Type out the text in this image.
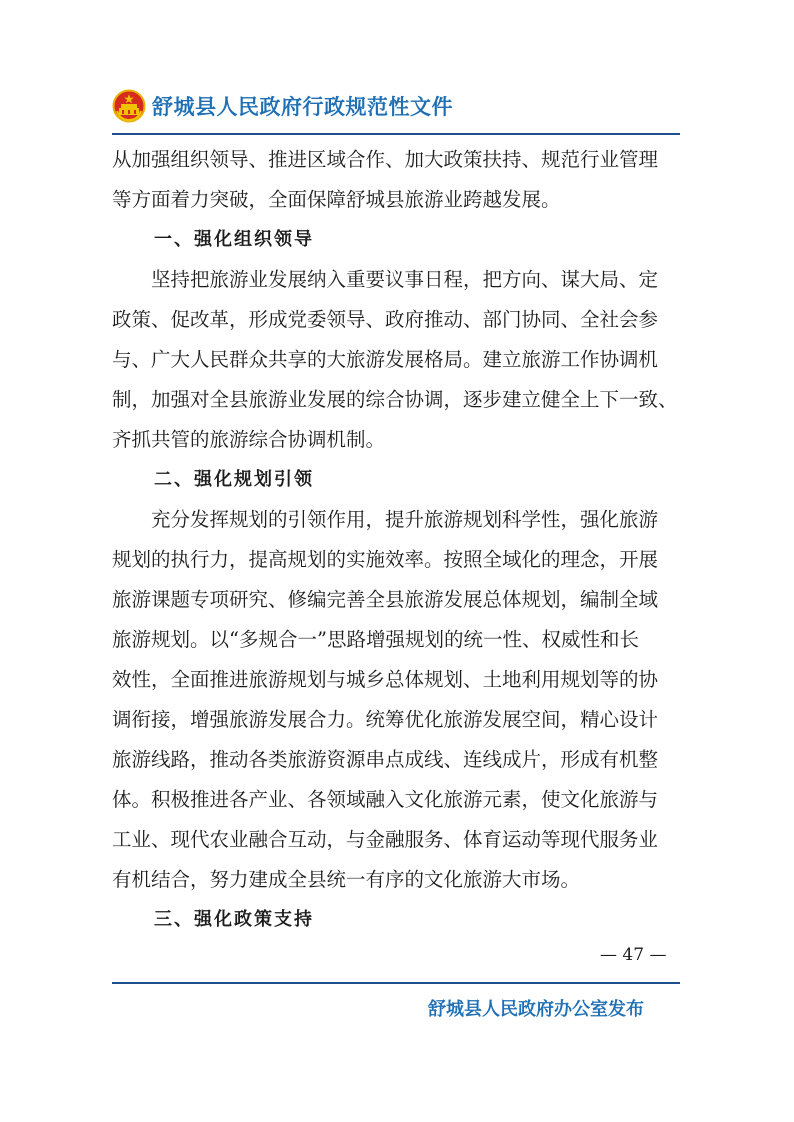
舒城县人民政府行政规范性文件
从加强组织领导、推进区域合作、加大政策扶持、规范行业管理
等方面着力突破，全面保障舒城县旅游业跨越发展。
一、强化组织领导
坚持把旅游业发展纳入重要议事日程，把方向、谋大局、定
政策、促改革，形成党委领导、政府推动、部门协同、全社会参
与、广大人民群众共享的大旅游发展格局。建立旅游工作协调机
制，加强对全县旅游业发展的综合协调，逐步建立健全上下一致、
齐抓共管的旅游综合协调机制。
二、强化规划引领
充分发挥规划的引领作用，提升旅游规划科学性，强化旅游
规划的执行力，提高规划的实施效率。按照全域化的理念，开展
旅游课题专项研究、修编完善全县旅游发展总体规划，编制全域
旅游规划。以“多规合一”思路增强规划的统一性、权威性和长
效性，全面推进旅游规划与城乡总体规划、土地利用规划等的协
调衔接，增强旅游发展合力。统筹优化旅游发展空间，精心设计
旅游线路，推动各类旅游资源串点成线、连线成片，形成有机整
体。积极推进各产业、各领域融入文化旅游元素，使文化旅游与
工业、现代农业融合互动，与金融服务、体育运动等现代服务业
有机结合，努力建成全县统一有序的文化旅游大市场。
三、强化政策支持
— 47 —
舒城县人民政府办公室发布
